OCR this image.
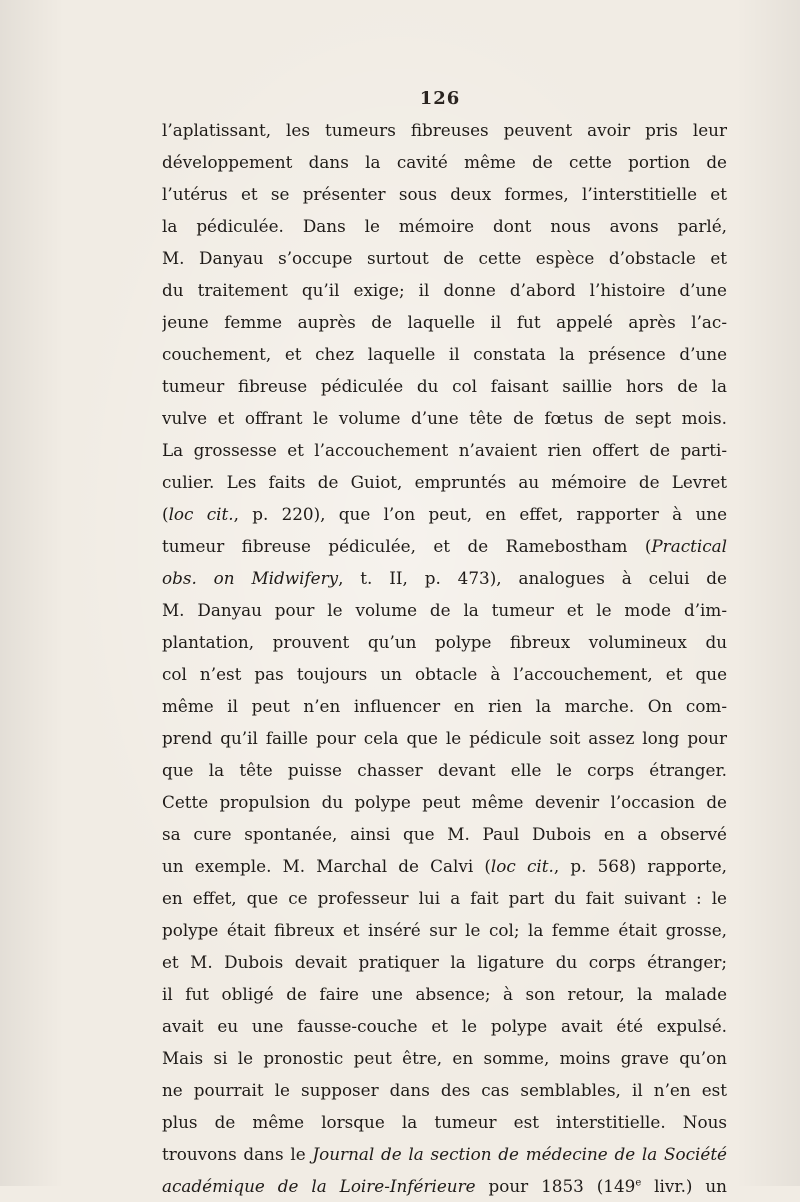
126
l’aplatissant, les tumeurs fibreuses peuvent avoir pris leur
développement dans la cavité même de cette portion de
l’utérus et se présenter sous deux formes, l’interstitielle et
la pédiculée. Dans le mémoire dont nous avons parlé,
M. Danyau s’occupe surtout de cette espèce d’obstacle et
du traitement qu’il exige; il donne d’abord l’histoire d’une
jeune femme auprès de laquelle il fut appelé après l’ac-
couchement, et chez laquelle il constata la présence d’une
tumeur fibreuse pédiculée du col faisant saillie hors de la
vulve et offrant le volume d’une tête de fœtus de sept mois.
La grossesse et l’accouchement n’avaient rien offert de parti-
culier. Les faits de Guiot, empruntés au mémoire de Levret
(loc cit., p. 220), que l’on peut, en effet, rapporter à une
tumeur fibreuse pédiculée, et de Ramebostham (Practical
obs. on Midwifery, t. II, p. 473), analogues à celui de
M. Danyau pour le volume de la tumeur et le mode d’im-
plantation, prouvent qu’un polype fibreux volumineux du
col n’est pas toujours un obtacle à l’accouchement, et que
même il peut n’en influencer en rien la marche. On com-
prend qu’il faille pour cela que le pédicule soit assez long pour
que la tête puisse chasser devant elle le corps étranger.
Cette propulsion du polype peut même devenir l’occasion de
sa cure spontanée, ainsi que M. Paul Dubois en a observé
un exemple. M. Marchal de Calvi (loc cit., p. 568) rapporte,
en effet, que ce professeur lui a fait part du fait suivant : le
polype était fibreux et inséré sur le col; la femme était grosse,
et M. Dubois devait pratiquer la ligature du corps étranger;
il fut obligé de faire une absence; à son retour, la malade
avait eu une fausse-couche et le polype avait été expulsé.
Mais si le pronostic peut être, en somme, moins grave qu’on
ne pourrait le supposer dans des cas semblables, il n’en est
plus de même lorsque la tumeur est interstitielle. Nous
trouvons dans le Journal de la section de médecine de la Société
académique de la Loire-Inférieure pour 1853 (149e livr.) un
